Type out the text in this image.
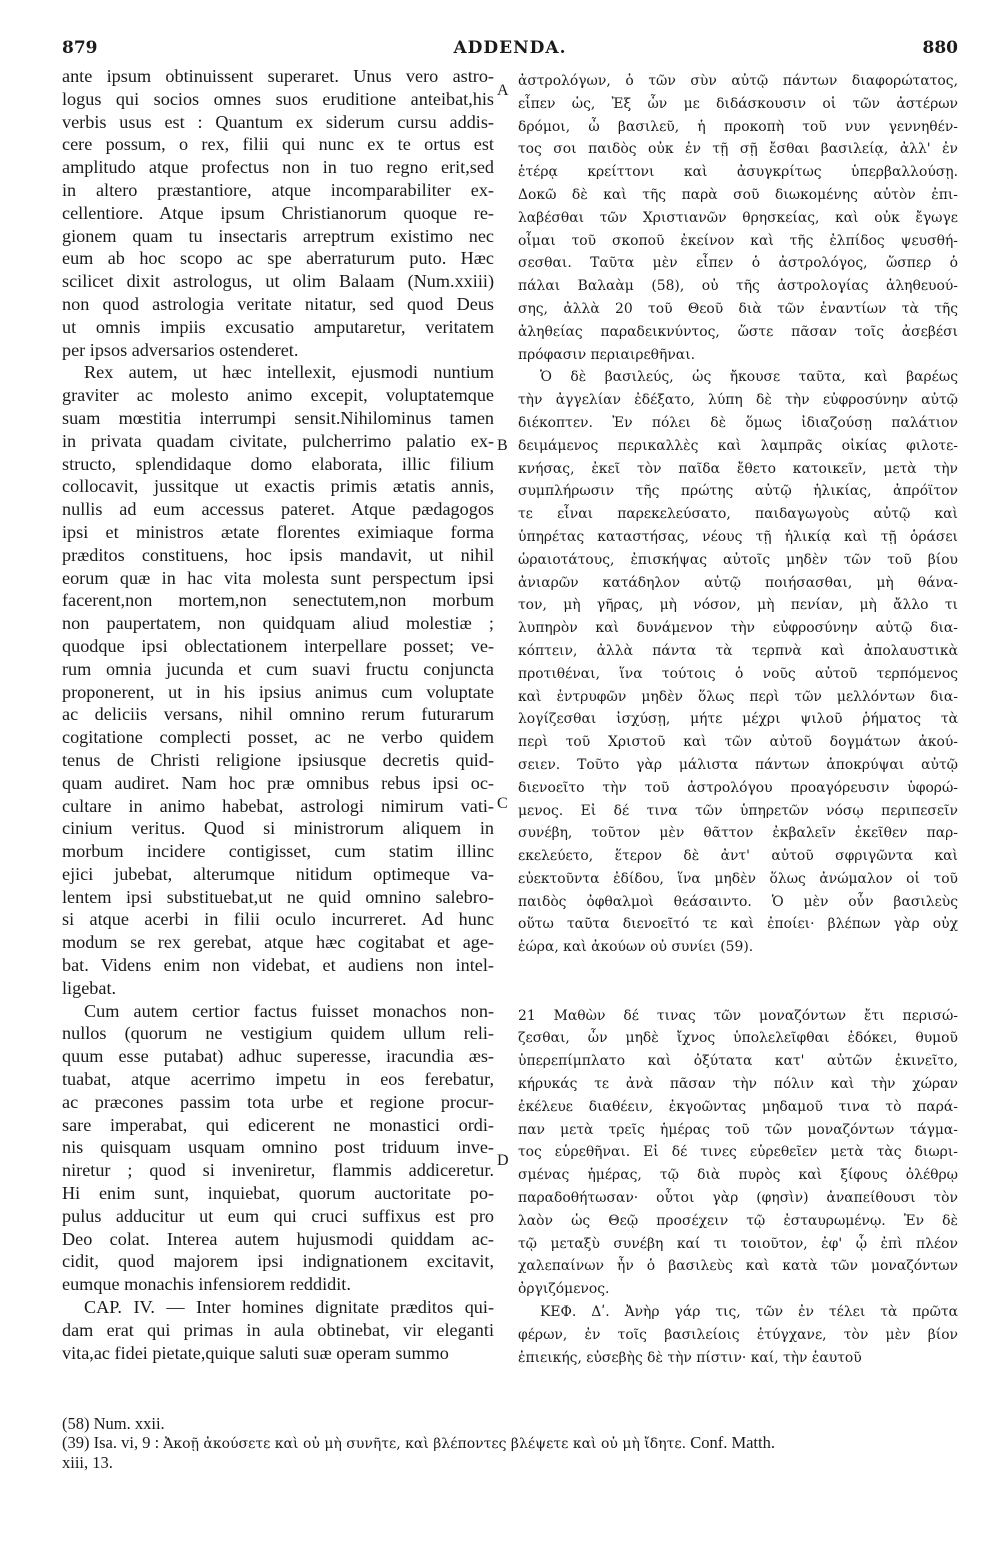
879	ADDENDA.	880
ante ipsum obtinuissent superaret. Unus vero astro-
logus qui socios omnes suos eruditione anteibat,his
verbis usus est : Quantum ex siderum cursu addis-
cere possum, o rex, filii qui nunc ex te ortus est
amplitudo atque profectus non in tuo regno erit,sed
in altero præstantiore, atque incomparabiliter ex-
cellentiore. Atque ipsum Christianorum quoque re-
gionem quam tu insectaris arreptrum existimo nec
eum ab hoc scopo ac spe aberraturum puto. Hæc
scilicet dixit astrologus, ut olim Balaam (Num.xxiii)
non quod astrologia veritate nitatur, sed quod Deus
ut omnis impiis excusatio amputaretur, veritatem
per ipsos adversarios ostenderet.
Rex autem, ut hæc intellexit, ejusmodi nuntium
graviter ac molesto animo excepit, voluptatemque
suam mœstitia interrumpi sensit.Nihilominus tamen
in privata quadam civitate, pulcherrimo palatio ex-
structo, splendidaque domo elaborata, illic filium
collocavit, jussitque ut exactis primis ætatis annis,
nullis ad eum accessus pateret. Atque pædagogos
ipsi et ministros ætate florentes eximiaque forma
præditos constituens, hoc ipsis mandavit, ut nihil
eorum quæ in hac vita molesta sunt perspectum ipsi
facerent,non mortem,non senectutem,non morbum
non paupertatem, non quidquam aliud molestiæ ;
quodque ipsi oblectationem interpellare posset; ve-
rum omnia jucunda et cum suavi fructu conjuncta
proponerent, ut in his ipsius animus cum voluptate
ac deliciis versans, nihil omnino rerum futurarum
cogitatione complecti posset, ac ne verbo quidem
tenus de Christi religione ipsiusque decretis quid-
quam audiret. Nam hoc præ omnibus rebus ipsi oc-
cultare in animo habebat, astrologi nimirum vati-
cinium veritus. Quod si ministrorum aliquem in
morbum incidere contigisset, cum statim illinc
ejici jubebat, alterumque nitidum optimeque va-
lentem ipsi substituebat,ut ne quid omnino salebro-
si atque acerbi in filii oculo incurreret. Ad hunc
modum se rex gerebat, atque hæc cogitabat et age-
bat. Videns enim non videbat, et audiens non intel-
ligebat.
Cum autem certior factus fuisset monachos non-
nullos (quorum ne vestigium quidem ullum reli-
quum esse putabat) adhuc superesse, iracundia æs-
tuabat, atque acerrimo impetu in eos ferebatur,
ac præcones passim tota urbe et regione procur-
sare imperabat, qui edicerent ne monastici ordi-
nis quisquam usquam omnino post triduum inve-
niretur ; quod si inveniretur, flammis addiceretur.
Hi enim sunt, inquiebat, quorum auctoritate po-
pulus adducitur ut eum qui cruci suffixus est pro
Deo colat. Interea autem hujusmodi quiddam ac-
cidit, quod majorem ipsi indignationem excitavit,
eumque monachis infensiorem reddidit.
CAP. IV. — Inter homines dignitate præditos qui-
dam erat qui primas in aula obtinebat, vir eleganti
vita,ac fidei pietate,quique saluti suæ operam summo
ἀστρολόγων, ὁ τῶν σὺν αὐτῷ πάντων διαφορώτατος,
εἶπεν ὡς, Ἐξ ὧν με διδάσκουσιν οἱ τῶν ἀστέρων
δρόμοι, ὦ βασιλεῦ, ἡ προκοπὴ τοῦ νυν γεννηθέν-
τος σοι παιδὸς οὐκ ἐν τῇ σῇ ἔσθαι βασιλείᾳ, ἀλλ' ἐν
ἑτέρᾳ κρείττονι καὶ ἀσυγκρίτως ὑπερβαλλούσῃ.
Δοκῶ δὲ καὶ τῆς παρὰ σοῦ διωκομένης αὐτὸν ἐπι-
λαβέσθαι τῶν Χριστιανῶν θρησκείας, καὶ οὐκ ἔγωγε
οἶμαι τοῦ σκοποῦ ἐκείνον καὶ τῆς ἐλπίδος ψευσθή-
σεσθαι. Ταῦτα μὲν εἶπεν ὁ ἀστρολόγος, ὥσπερ ὁ
πάλαι Βαλαὰμ (58), οὐ τῆς ἀστρολογίας ἀληθευού-
σης, ἀλλὰ 20 τοῦ Θεοῦ διὰ τῶν ἐναντίων τὰ τῆς
ἀληθείας παραδεικνύντος, ὥστε πᾶσαν τοῖς ἀσεβέσι
πρόφασιν περιαιρεθῆναι.
Ὁ δὲ βασιλεύς, ὡς ἤκουσε ταῦτα, καὶ βαρέως
τὴν ἀγγελίαν ἐδέξατο, λύπη δὲ τὴν εὐφροσύνην αὐτῷ
διέκοπτεν. Ἐν πόλει δὲ ὅμως ἰδιαζούσῃ παλάτιον
δειμάμενος περικαλλὲς καὶ λαμπρᾶς οἰκίας φιλοτε-
κνήσας, ἐκεῖ τὸν παῖδα ἔθετο κατοικεῖν, μετὰ τὴν
συμπλήρωσιν τῆς πρώτης αὐτῷ ἡλικίας, ἀπρόϊτον
τε εἶναι παρεκελεύσατο, παιδαγωγοὺς αὐτῷ καὶ
ὑπηρέτας καταστήσας, νέους τῇ ἡλικίᾳ καὶ τῇ ὁράσει
ὡραιοτάτους, ἐπισκήψας αὐτοῖς μηδὲν τῶν τοῦ βίου
ἀνιαρῶν κατάδηλον αὐτῷ ποιήσασθαι, μὴ θάνα-
τον, μὴ γῆρας, μὴ νόσον, μὴ πενίαν, μὴ ἄλλο τι
λυπηρὸν καὶ δυνάμενον τὴν εὐφροσύνην αὐτῷ δια-
κόπτειν, ἀλλὰ πάντα τὰ τερπνὰ καὶ ἀπολαυστικὰ
προτιθέναι, ἵνα τούτοις ὁ νοῦς αὐτοῦ τερπόμενος
καὶ ἐντρυφῶν μηδὲν ὅλως περὶ τῶν μελλόντων δια-
λογίζεσθαι ἰσχύσῃ, μήτε μέχρι ψιλοῦ ῥήματος τὰ
περὶ τοῦ Χριστοῦ καὶ τῶν αὐτοῦ δογμάτων ἀκού-
σειεν. Τοῦτο γὰρ μάλιστα πάντων ἀποκρύψαι αὐτῷ
διενοεῖτο τὴν τοῦ ἀστρολόγου προαγόρευσιν ὑφορώ-
μενος. Εἰ δέ τινα τῶν ὑπηρετῶν νόσῳ περιπεσεῖν
συνέβη, τοῦτον μὲν θᾶττον ἐκβαλεῖν ἐκεῖθεν παρ-
εκελεύετο, ἕτερον δὲ ἀντ' αὐτοῦ σφριγῶντα καὶ
εὐεκτοῦντα ἐδίδου, ἵνα μηδὲν ὅλως ἀνώμαλον οἱ τοῦ
παιδὸς ὀφθαλμοὶ θεάσαιντο. Ὁ μὲν οὖν βασιλεὺς
οὕτω ταῦτα διενοεῖτό τε καὶ ἐποίει· βλέπων γὰρ οὐχ
ἑώρα, καὶ ἀκούων οὐ συνίει (59).
21 Μαθὼν δέ τινας τῶν μοναζόντων ἔτι περισώ-
ζεσθαι, ὧν μηδὲ ἴχνος ὑπολελεῖφθαι ἐδόκει, θυμοῦ
ὑπερεπίμπλατο καὶ ὀξύτατα κατ' αὐτῶν ἐκινεῖτο,
κήρυκάς τε ἀνὰ πᾶσαν τὴν πόλιν καὶ τὴν χώραν
ἐκέλευε διαθέειν, ἐκγοῶντας μηδαμοῦ τινα τὸ παρά-
παν μετὰ τρεῖς ἡμέρας τοῦ τῶν μοναζόντων τάγμα-
τος εὑρεθῆναι. Εἰ δέ τινες εὑρεθεῖεν μετὰ τὰς διωρι-
σμένας ἡμέρας, τῷ διὰ πυρὸς καὶ ξίφους ὀλέθρῳ
παραδοθήτωσαν· οὗτοι γὰρ (φησὶν) ἀναπείθουσι τὸν
λαὸν ὡς Θεῷ προσέχειν τῷ ἐσταυρωμένῳ. Ἐν δὲ
τῷ μεταξὺ συνέβη καί τι τοιοῦτον, ἐφ' ᾧ ἐπὶ πλέον
χαλεπαίνων ἦν ὁ βασιλεὺς καὶ κατὰ τῶν μοναζόντων
ὀργιζόμενος.
ΚΕΦ. Δʹ. Ἀνὴρ γάρ τις, τῶν ἐν τέλει τὰ πρῶτα
φέρων, ἐν τοῖς βασιλείοις ἐτύγχανε, τὸν μὲν βίον
ἐπιεικής, εὐσεβὴς δὲ τὴν πίστιν· καί, τὴν ἑαυτοῦ
A
B
C
D
(58) Num. xxii.
(39) Isa. vi, 9 : Ἀκοῇ ἀκούσετε καὶ οὐ μὴ συνῆτε, καὶ βλέποντες βλέψετε καὶ οὐ μὴ ἴδητε. Conf. Matth.
xiii, 13.
